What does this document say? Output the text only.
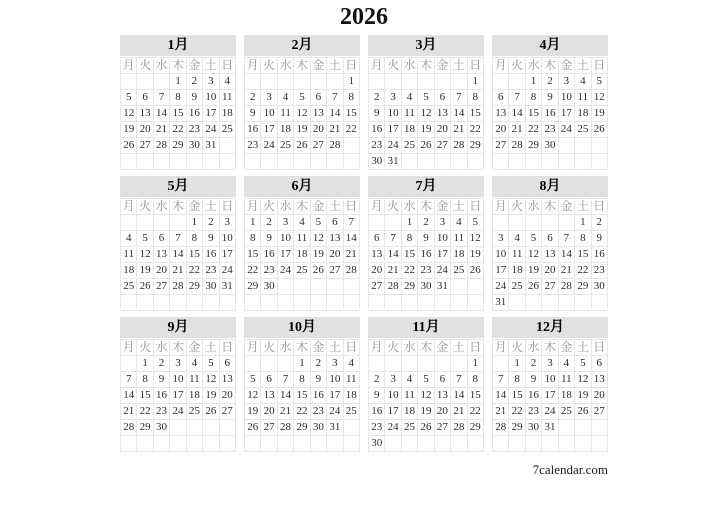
2026
1月
月	火	水	木	金	土	日
			1	2	3	4
5	6	7	8	9	10	11
12	13	14	15	16	17	18
19	20	21	22	23	24	25
26	27	28	29	30	31	

2月
月	火	水	木	金	土	日
						1
2	3	4	5	6	7	8
9	10	11	12	13	14	15
16	17	18	19	20	21	22
23	24	25	26	27	28	

3月
月	火	水	木	金	土	日
						1
2	3	4	5	6	7	8
9	10	11	12	13	14	15
16	17	18	19	20	21	22
23	24	25	26	27	28	29
30	31					
4月
月	火	水	木	金	土	日
		1	2	3	4	5
6	7	8	9	10	11	12
13	14	15	16	17	18	19
20	21	22	23	24	25	26
27	28	29	30			

5月
月	火	水	木	金	土	日
				1	2	3
4	5	6	7	8	9	10
11	12	13	14	15	16	17
18	19	20	21	22	23	24
25	26	27	28	29	30	31

6月
月	火	水	木	金	土	日
1	2	3	4	5	6	7
8	9	10	11	12	13	14
15	16	17	18	19	20	21
22	23	24	25	26	27	28
29	30					

7月
月	火	水	木	金	土	日
		1	2	3	4	5
6	7	8	9	10	11	12
13	14	15	16	17	18	19
20	21	22	23	24	25	26
27	28	29	30	31		

8月
月	火	水	木	金	土	日
					1	2
3	4	5	6	7	8	9
10	11	12	13	14	15	16
17	18	19	20	21	22	23
24	25	26	27	28	29	30
31						
9月
月	火	水	木	金	土	日
	1	2	3	4	5	6
7	8	9	10	11	12	13
14	15	16	17	18	19	20
21	22	23	24	25	26	27
28	29	30				

10月
月	火	水	木	金	土	日
			1	2	3	4
5	6	7	8	9	10	11
12	13	14	15	16	17	18
19	20	21	22	23	24	25
26	27	28	29	30	31	

11月
月	火	水	木	金	土	日
						1
2	3	4	5	6	7	8
9	10	11	12	13	14	15
16	17	18	19	20	21	22
23	24	25	26	27	28	29
30						
12月
月	火	水	木	金	土	日
	1	2	3	4	5	6
7	8	9	10	11	12	13
14	15	16	17	18	19	20
21	22	23	24	25	26	27
28	29	30	31			

7calendar.com
